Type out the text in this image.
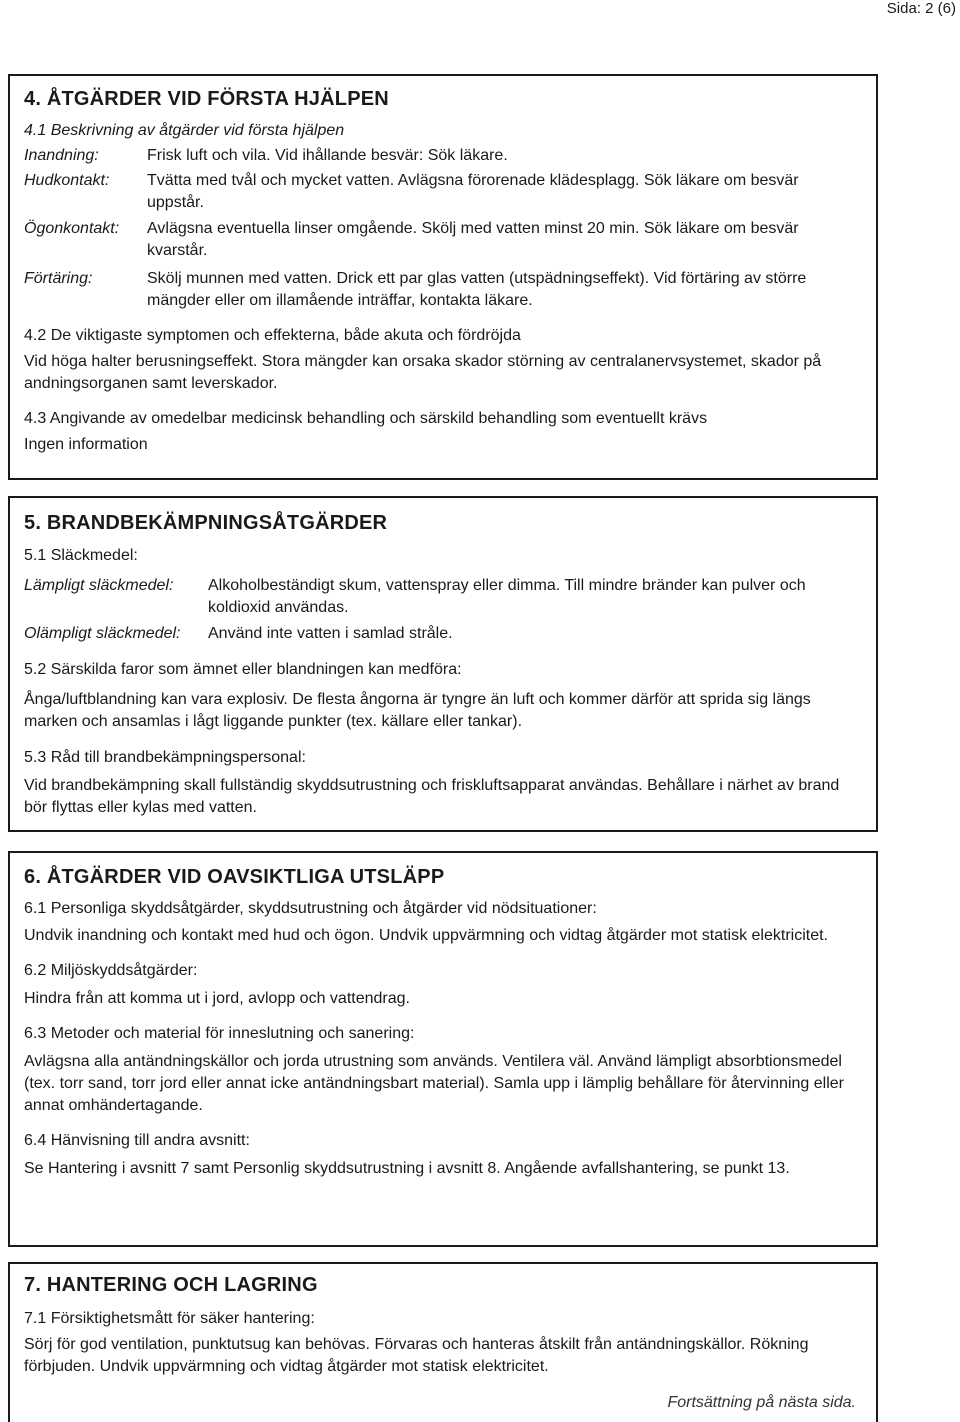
Sida: 2 (6)
4. ÅTGÄRDER VID FÖRSTA HJÄLPEN
4.1 Beskrivning av åtgärder vid första hjälpen
Inandning:	Frisk luft och vila. Vid ihållande besvär: Sök läkare.
Hudkontakt:	Tvätta med tvål och mycket vatten. Avlägsna förorenade klädesplagg. Sök läkare om besvär uppstår.
Ögonkontakt:	Avlägsna eventuella linser omgående. Skölj med vatten minst 20 min. Sök läkare om besvär kvarstår.
Förtäring:	Skölj munnen med vatten. Drick ett par glas vatten (utspädningseffekt). Vid förtäring av större mängder eller om illamående inträffar, kontakta läkare.
4.2 De viktigaste symptomen och effekterna, både akuta och fördröjda
Vid höga halter berusningseffekt. Stora mängder kan orsaka skador störning av centralanervsystemet, skador på andningsorganen samt leverskador.
4.3 Angivande av omedelbar medicinsk behandling och särskild behandling som eventuellt krävs
Ingen information
5. BRANDBEKÄMPNINGSÅTGÄRDER
5.1 Släckmedel:
Lämpligt släckmedel:	Alkoholbeständigt skum, vattenspray eller dimma. Till mindre bränder kan pulver och koldioxid användas.
Olämpligt släckmedel:	Använd inte vatten i samlad stråle.
5.2 Särskilda faror som ämnet eller blandningen kan medföra:
Ånga/luftblandning kan vara explosiv. De flesta ångorna är tyngre än luft och kommer därför att sprida sig längs marken och ansamlas i lågt liggande punkter (tex. källare eller tankar).
5.3 Råd till brandbekämpningspersonal:
Vid brandbekämpning skall fullständig skyddsutrustning och friskluftsapparat användas. Behållare i närhet av brand bör flyttas eller kylas med vatten.
6. ÅTGÄRDER VID OAVSIKTLIGA UTSLÄPP
6.1 Personliga skyddsåtgärder, skyddsutrustning och åtgärder vid nödsituationer:
Undvik inandning och kontakt med hud och ögon. Undvik uppvärmning och vidtag åtgärder mot statisk elektricitet.
6.2 Miljöskyddsåtgärder:
Hindra från att komma ut i jord, avlopp och vattendrag.
6.3 Metoder och material för inneslutning och sanering:
Avlägsna alla antändningskällor och jorda utrustning som används. Ventilera väl. Använd lämpligt absorbtionsmedel (tex. torr sand, torr jord eller annat icke antändningsbart material). Samla upp i lämplig behållare för återvinning eller annat omhändertagande.
6.4 Hänvisning till andra avsnitt:
Se Hantering i avsnitt 7 samt Personlig skyddsutrustning i avsnitt 8. Angående avfallshantering, se punkt 13.
7. HANTERING OCH LAGRING
7.1 Försiktighetsmått för säker hantering:
Sörj för god ventilation, punktutsug kan behövas. Förvaras och hanteras åtskilt från antändningskällor. Rökning förbjuden. Undvik uppvärmning och vidtag åtgärder mot statisk elektricitet.
Fortsättning på nästa sida.
